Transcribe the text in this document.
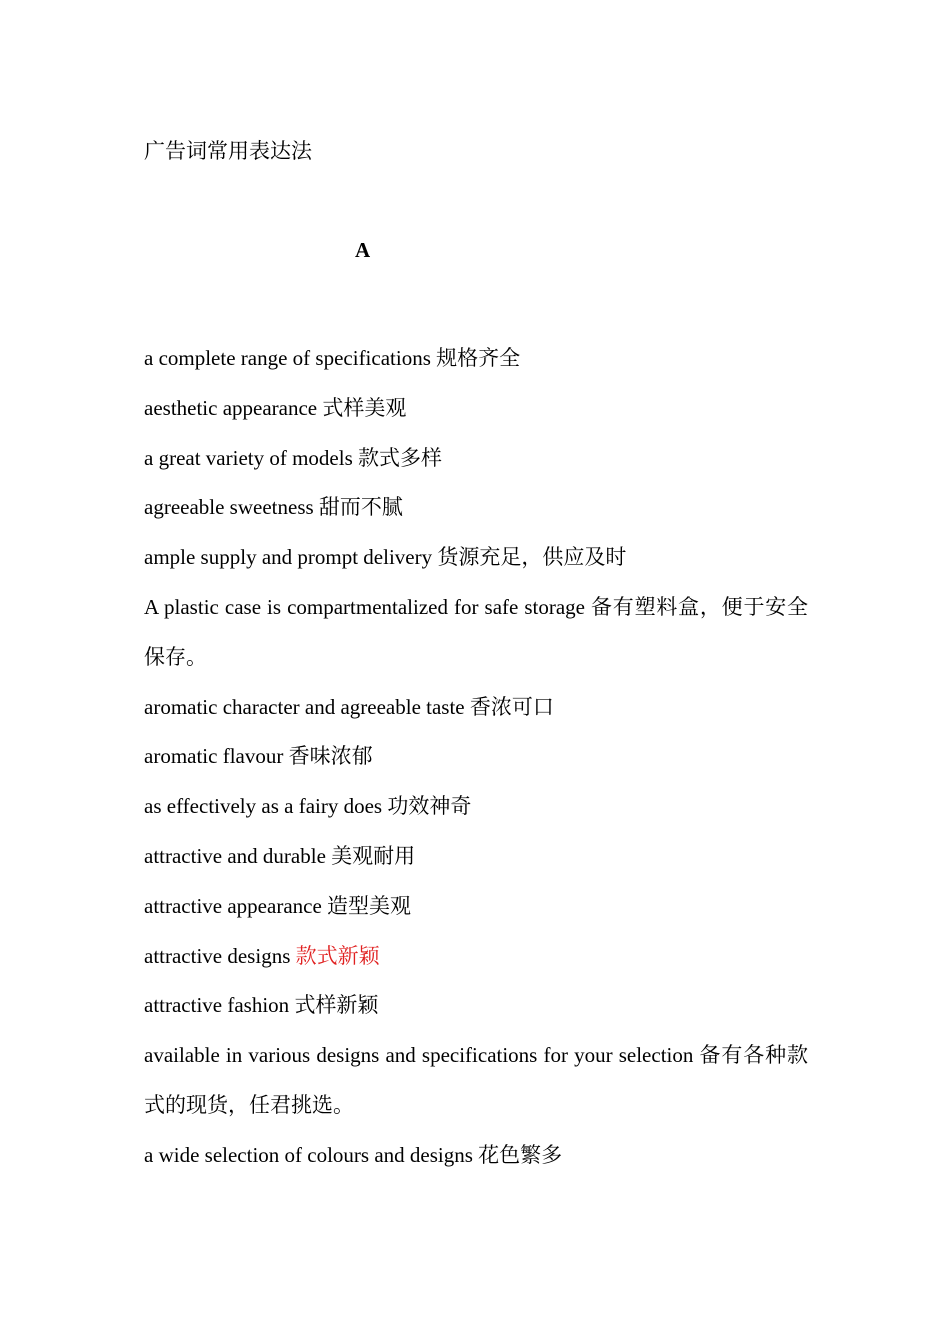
广告词常用表达法
A
a complete range of specifications 规格齐全
aesthetic appearance 式样美观
a great variety of models 款式多样
agreeable sweetness 甜而不腻
ample supply and prompt delivery 货源充足，供应及时
A plastic case is compartmentalized for safe storage 备有塑料盒，便于安全保存。
aromatic character and agreeable taste 香浓可口
aromatic flavour 香味浓郁
as effectively as a fairy does 功效神奇
attractive and durable 美观耐用
attractive appearance 造型美观
attractive designs 款式新颖
attractive fashion 式样新颖
available in various designs and specifications for your selection 备有各种款式的现货，任君挑选。
a wide selection of colours and designs 花色繁多
